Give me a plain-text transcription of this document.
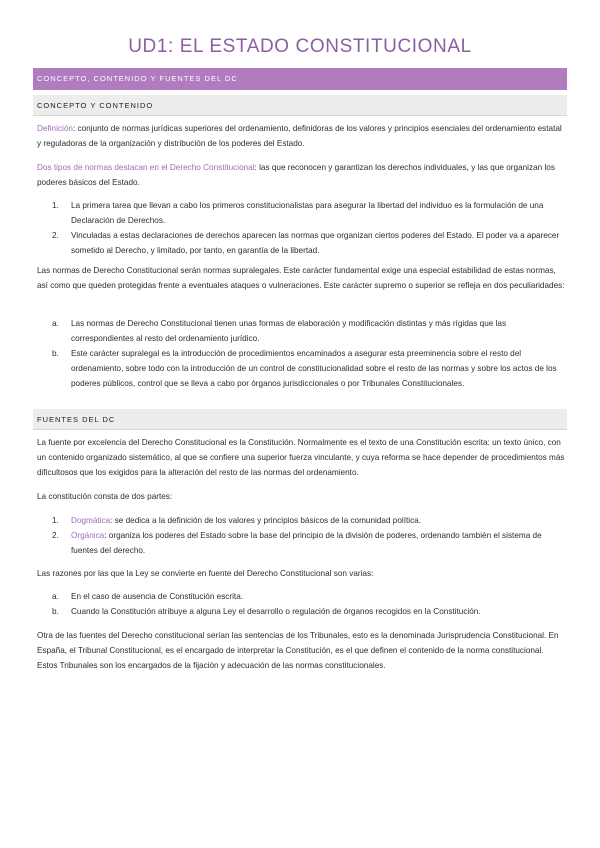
UD1: EL ESTADO CONSTITUCIONAL
CONCEPTO, CONTENIDO Y FUENTES DEL DC
CONCEPTO Y CONTENIDO
Definición: conjunto de normas jurídicas superiores del ordenamiento, definidoras de los valores y principios esenciales del ordenamiento estatal y reguladoras de la organización y distribución de los poderes del Estado.
Dos tipos de normas destacan en el Derecho Constitucional: las que reconocen y garantizan los derechos individuales, y las que organizan los poderes básicos del Estado.
1. La primera tarea que llevan a cabo los primeros constitucionalistas para asegurar la libertad del individuo es la formulación de una Declaración de Derechos.
2. Vinculadas a estas declaraciones de derechos aparecen las normas que organizan ciertos poderes del Estado. El poder va a aparecer sometido al Derecho, y limitado, por tanto, en garantía de la libertad.
Las normas de Derecho Constitucional serán normas supralegales. Este carácter fundamental exige una especial estabilidad de estas normas, así como que queden protegidas frente a eventuales ataques o vulneraciones. Este carácter supremo o superior se refleja en dos peculiaridades:
a. Las normas de Derecho Constitucional tienen unas formas de elaboración y modificación distintas y más rígidas que las correspondientes al resto del ordenamiento jurídico.
b. Este carácter supralegal es la introducción de procedimientos encaminados a asegurar esta preeminencia sobre el resto del ordenamiento, sobre todo con la introducción de un control de constitucionalidad sobre el resto de las normas y sobre los actos de los poderes públicos, control que se lleva a cabo por órganos jurisdiccionales o por Tribunales Constitucionales.
FUENTES DEL DC
La fuente por excelencia del Derecho Constitucional es la Constitución. Normalmente es el texto de una Constitución escrita: un texto único, con un contenido organizado sistemático, al que se confiere una superior fuerza vinculante, y cuya reforma se hace depender de procedimientos más dificultosos que los exigidos para la alteración del resto de las normas del ordenamiento.
La constitución consta de dos partes:
1. Dogmática: se dedica a la definición de los valores y principios básicos de la comunidad política.
2. Orgánica: organiza los poderes del Estado sobre la base del principio de la división de poderes, ordenando también el sistema de fuentes del derecho.
Las razones por las que la Ley se convierte en fuente del Derecho Constitucional son varias:
a. En el caso de ausencia de Constitución escrita.
b. Cuando la Constitución atribuye a alguna Ley el desarrollo o regulación de órganos recogidos en la Constitución.
Otra de las fuentes del Derecho constitucional serían las sentencias de los Tribunales, esto es la denominada Jurisprudencia Constitucional. En España, el Tribunal Constitucional, es el encargado de interpretar la Constitución, es el que definen el contenido de la norma constitucional. Estos Tribunales son los encargados de la fijación y adecuación de las normas constitucionales.
